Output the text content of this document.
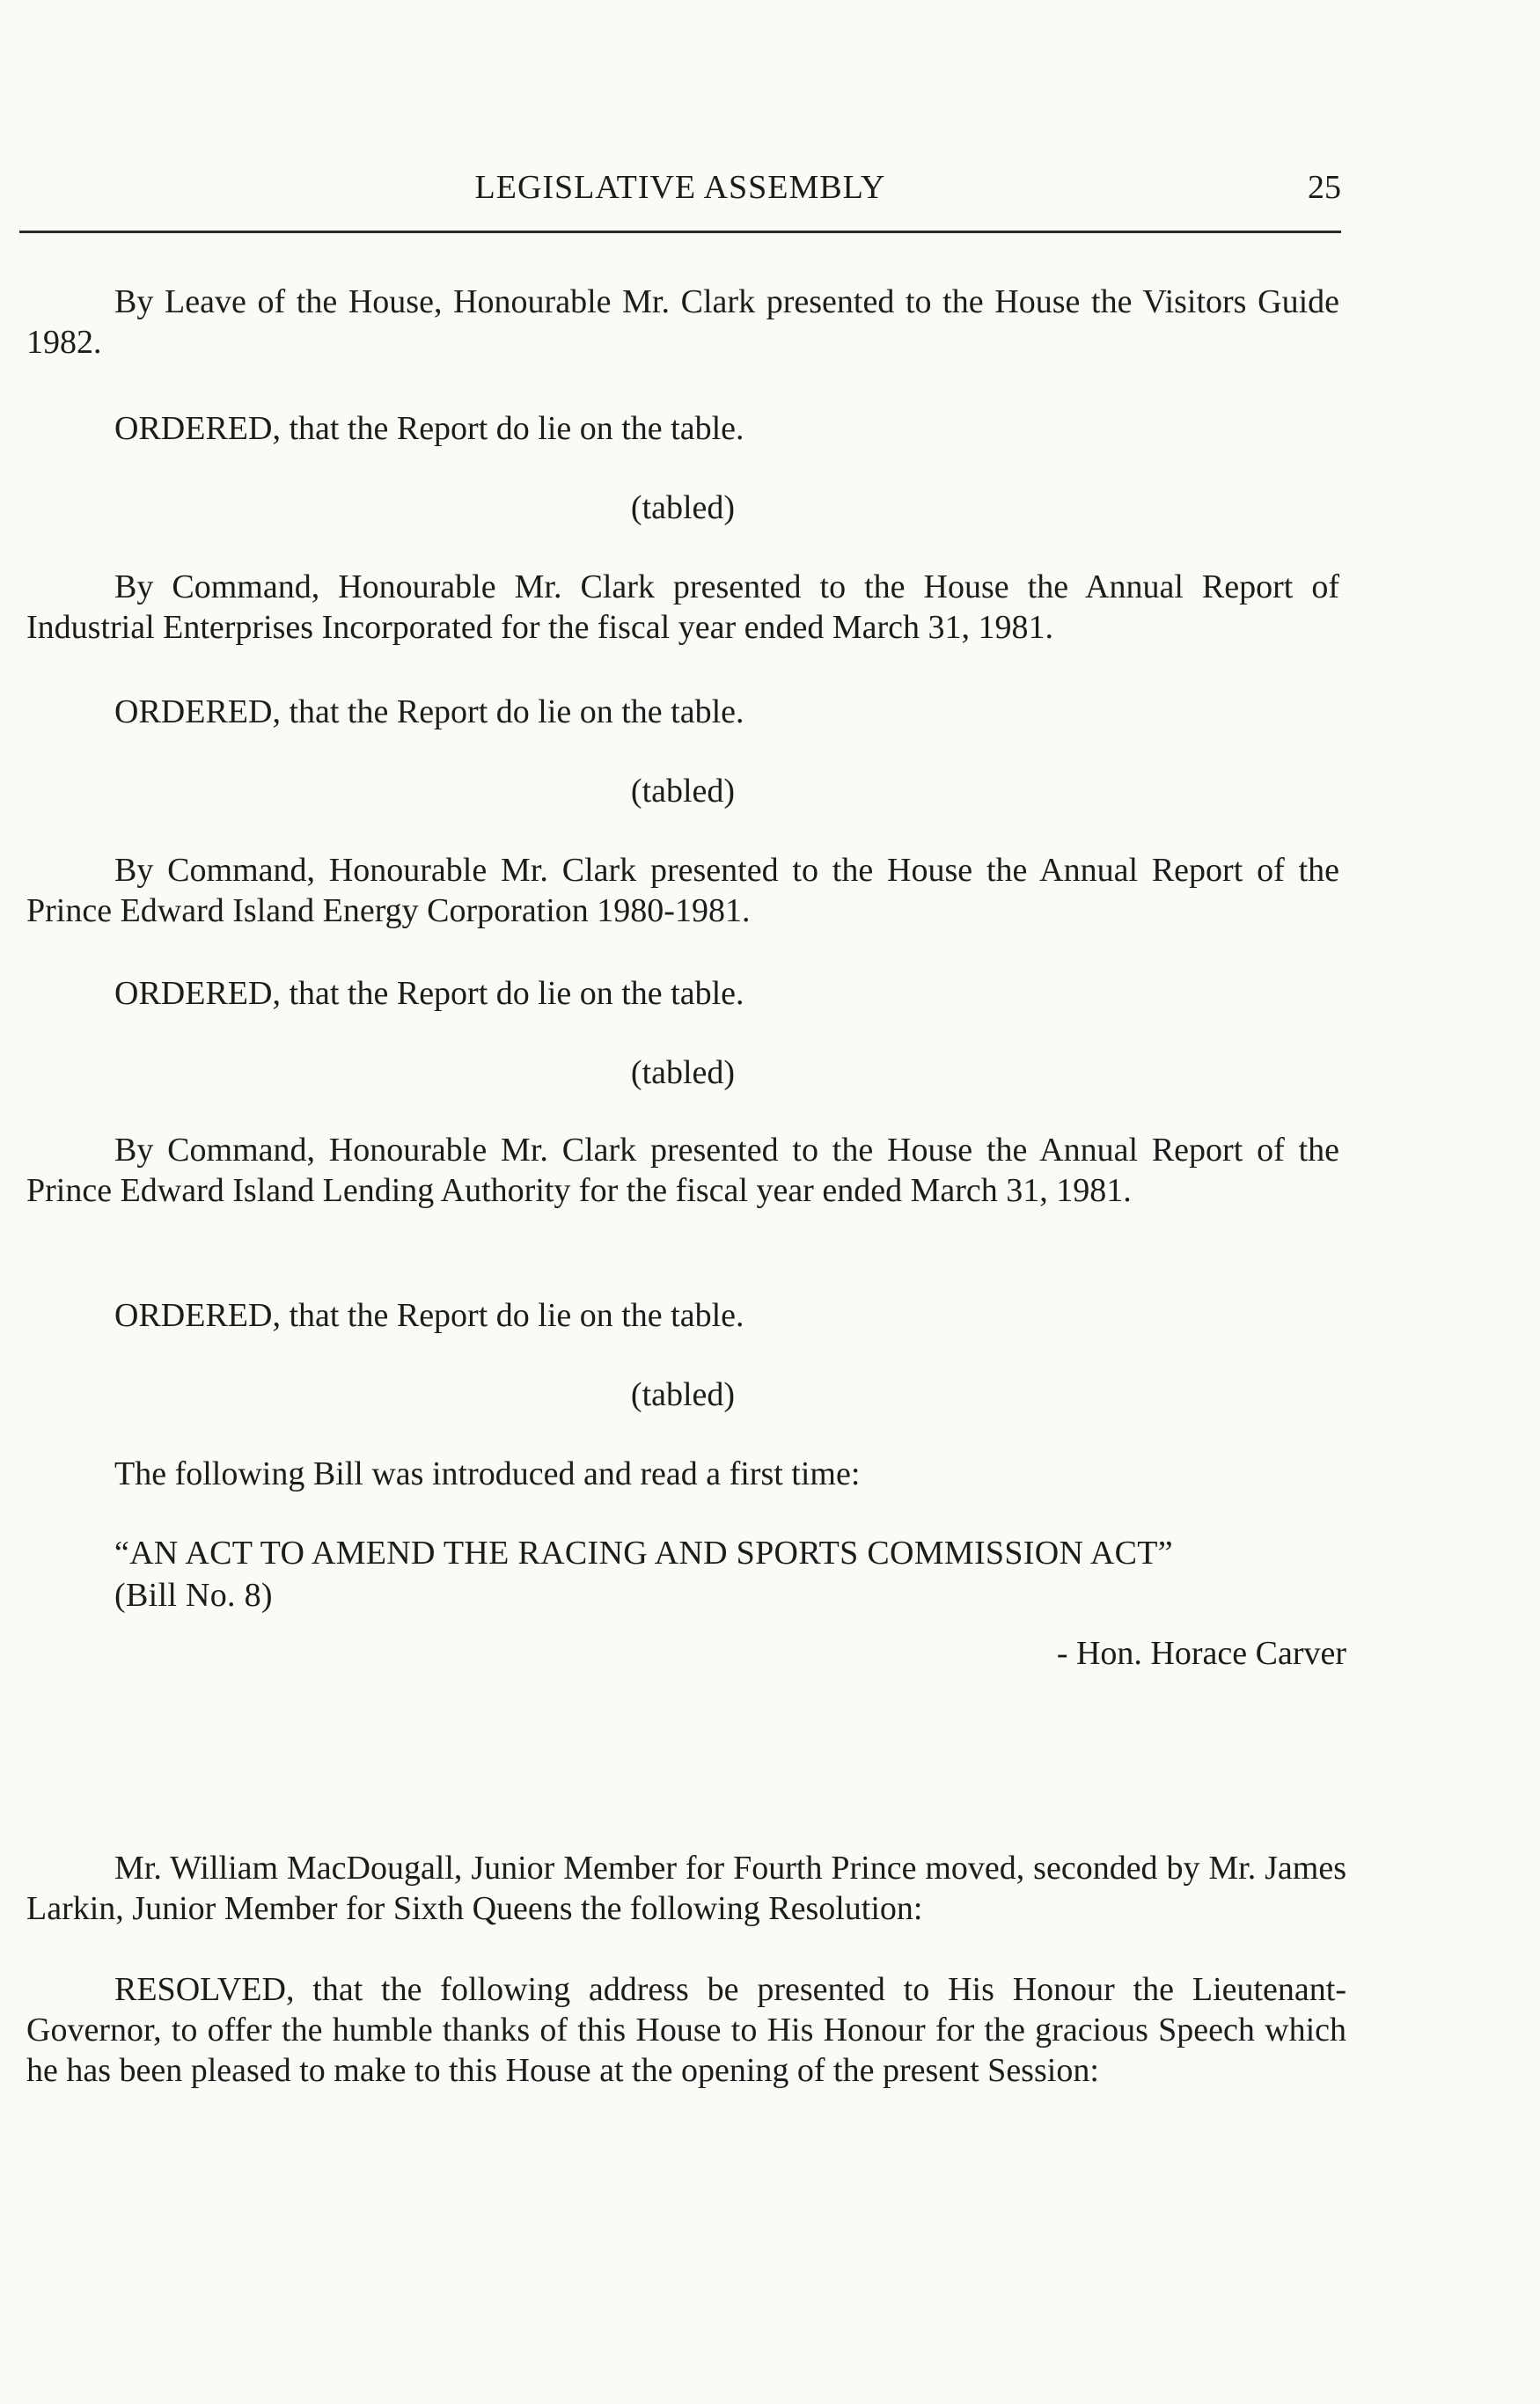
LEGISLATIVE ASSEMBLY	25

By Leave of the House, Honourable Mr. Clark presented to the House the Visitors Guide 1982.

ORDERED, that the Report do lie on the table.

(tabled)

By Command, Honourable Mr. Clark presented to the House the Annual Report of Industrial Enterprises Incorporated for the fiscal year ended March 31, 1981.

ORDERED, that the Report do lie on the table.

(tabled)

By Command, Honourable Mr. Clark presented to the House the Annual Report of the Prince Edward Island Energy Corporation 1980-1981.

ORDERED, that the Report do lie on the table.

(tabled)

By Command, Honourable Mr. Clark presented to the House the Annual Report of the Prince Edward Island Lending Authority for the fiscal year ended March 31, 1981.

ORDERED, that the Report do lie on the table.

(tabled)

The following Bill was introduced and read a first time:

“AN ACT TO AMEND THE RACING AND SPORTS COMMISSION ACT”

(Bill No. 8)

- Hon. Horace Carver

Mr. William MacDougall, Junior Member for Fourth Prince moved, seconded by Mr. James Larkin, Junior Member for Sixth Queens the following Resolution:

RESOLVED, that the following address be presented to His Honour the Lieutenant-Governor, to offer the humble thanks of this House to His Honour for the gracious Speech which he has been pleased to make to this House at the opening of the present Session:
